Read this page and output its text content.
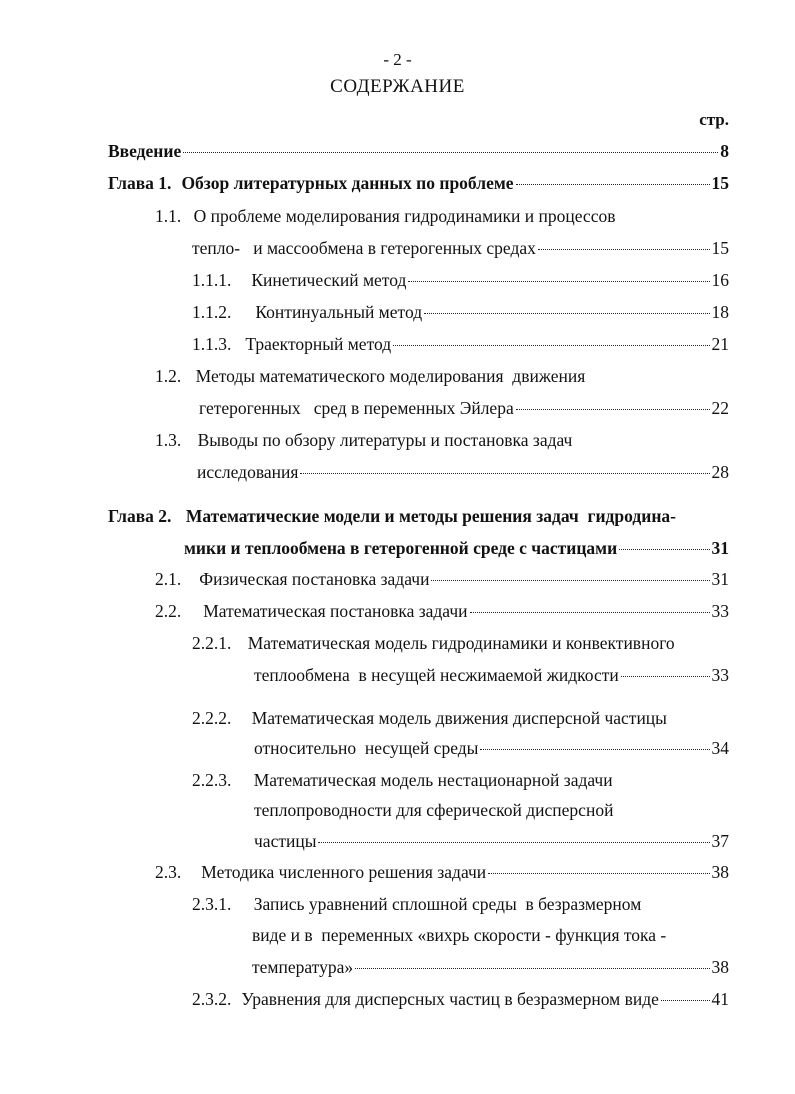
- 2 -
СОДЕРЖАНИЕ
стр.
Введение	8
Глава 1. Обзор литературных данных по проблеме	15
1.1. О проблеме моделирования гидродинамики и процессов
тепло-   и массообмена в гетерогенных средах	15
1.1.1. Кинетический метод	16
1.1.2. Континуальный метод	18
1.1.3. Траекторный метод	21
1.2. Методы математического моделирования  движения
гетерогенных   сред в переменных Эйлера	22
1.3. Выводы по обзору литературы и постановка задач
исследования	28
Глава 2. Математические модели и методы решения задач  гидродина-
мики и теплообмена в гетерогенной среде с частицами	31
2.1. Физическая постановка задачи	31
2.2. Математическая постановка задачи	33
2.2.1. Математическая модель гидродинамики и конвективного
теплообмена  в несущей несжимаемой жидкости	33
2.2.2. Математическая модель движения дисперсной частицы
относительно  несущей среды	34
2.2.3. Математическая модель нестационарной задачи
теплопроводности для сферической дисперсной
частицы	37
2.3. Методика численного решения задачи	38
2.3.1. Запись уравнений сплошной среды  в безразмерном
виде и в  переменных «вихрь скорости - функция тока -
температура»	38
2.3.2. Уравнения для дисперсных частиц в безразмерном виде	41
